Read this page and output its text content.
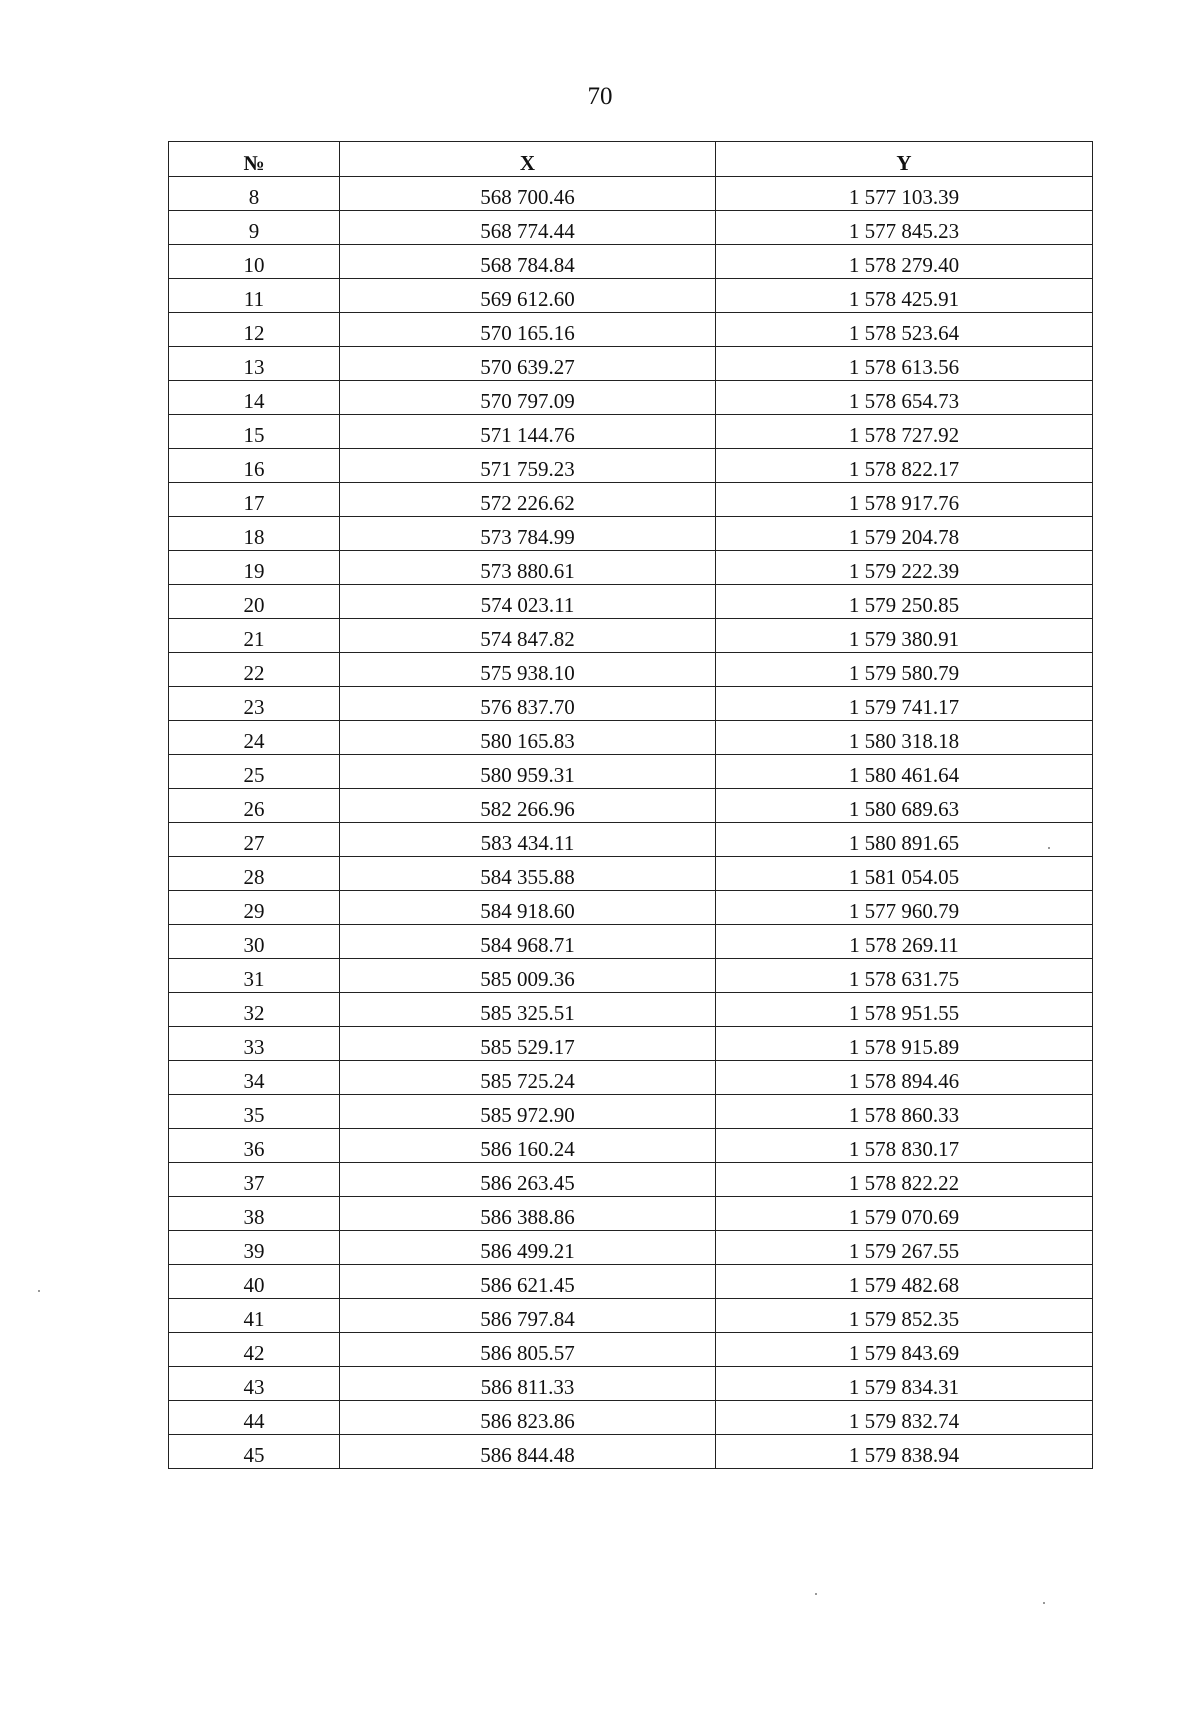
70
№	X	Y
8	568 700.46	1 577 103.39
9	568 774.44	1 577 845.23
10	568 784.84	1 578 279.40
11	569 612.60	1 578 425.91
12	570 165.16	1 578 523.64
13	570 639.27	1 578 613.56
14	570 797.09	1 578 654.73
15	571 144.76	1 578 727.92
16	571 759.23	1 578 822.17
17	572 226.62	1 578 917.76
18	573 784.99	1 579 204.78
19	573 880.61	1 579 222.39
20	574 023.11	1 579 250.85
21	574 847.82	1 579 380.91
22	575 938.10	1 579 580.79
23	576 837.70	1 579 741.17
24	580 165.83	1 580 318.18
25	580 959.31	1 580 461.64
26	582 266.96	1 580 689.63
27	583 434.11	1 580 891.65
28	584 355.88	1 581 054.05
29	584 918.60	1 577 960.79
30	584 968.71	1 578 269.11
31	585 009.36	1 578 631.75
32	585 325.51	1 578 951.55
33	585 529.17	1 578 915.89
34	585 725.24	1 578 894.46
35	585 972.90	1 578 860.33
36	586 160.24	1 578 830.17
37	586 263.45	1 578 822.22
38	586 388.86	1 579 070.69
39	586 499.21	1 579 267.55
40	586 621.45	1 579 482.68
41	586 797.84	1 579 852.35
42	586 805.57	1 579 843.69
43	586 811.33	1 579 834.31
44	586 823.86	1 579 832.74
45	586 844.48	1 579 838.94
